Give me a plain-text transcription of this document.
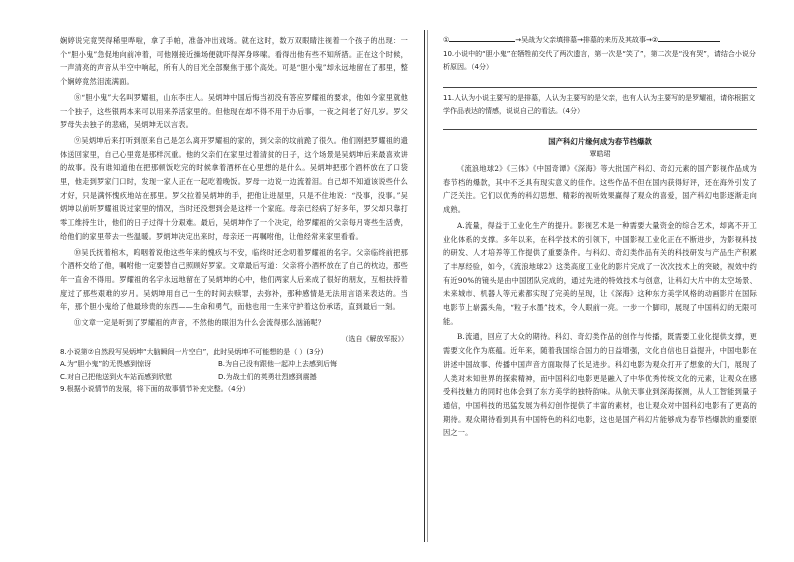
娴婷说完竟哭得稀里哗啦，拿了手帕，准备冲出戏场。就在这时，数万双眼睛注视着一个孩子的出现：一个“胆小鬼”急促地向前冲着，可他刚接近操场便就吓得浑身哆嗦。看得出他有些不知所措。正在这个时候，一声清亮的声音从半空中响起，所有人的目光全部聚焦于那个高处。可是“胆小鬼”却永远地留在了那里，整个娴婷竟然泪流满面。

⑧“胆小鬼”大名叫罗耀祖，山东李庄人。吴炳坤中国后悔当初没有答应罗耀祖的要求，他如今家里就他一个独子，这些银两本来可以用来养活家里的。但他现在却不得不用于办后事，一夜之间老了好几岁。罗父罗母失去独子的悲痛，吴炳坤无以言表。

⑨吴炳坤后来打听到原来自己是怎么离开罗耀祖的家的，到父亲的坟前跪了很久。他们刚把罗耀祖的遗体送回家里，自己心里竟是那样沉重。他的父亲们在家里过着清贫的日子，这个场景是吴炳坤后来最喜欢讲的故事。没有谁知道他在把那顿饭吃完的时候拿着酒杯在心里想的是什么。吴炳坤把那个酒杯放在了口袋里，他走到罗家门口时，发现一家人正在一起吃着晚饭。罗母一边说一边流着泪。自己却不知道该说些什么才好，只是满怀愧疚地站在那里。罗父拉着吴炳坤的手，把他让进屋里，只是不住地说：“没事，没事。”吴炳坤以前听罗耀祖说过家里的情况，当时还没想到会是这样一个家庭。母亲已经病了好多年，罗父却只靠打零工维持生计，他们的日子过得十分艰难。最后，吴炳坤作了一个决定，给罗耀祖的父亲每月寄些生活费，给他们的家里带去一些温暖。罗炳坤决定出来时，母亲还一再嘱咐他，让他经常来家里看看。

⑩吴氏抚着棺木，呜咽着说他这些年来的愧疚与不安，临终时还念叨着罗耀祖的名字。父亲临终前把那个酒杯交给了他，嘱咐他一定要替自己照顾好罗家。文章最后写道：父亲将小酒杯放在了自己的枕边，那些年一直舍不得用。罗耀祖的名字永远地留在了吴炳坤的心中，他们两家人后来成了很好的朋友，互相扶持着度过了那些艰难的岁月。吴炳坤用自己一生的时间去赎罪，去弥补，那种感情是无法用言语来表达的。当年，那个胆小鬼给了他最珍贵的东西——生命和勇气，而他也用一生来守护着这份承诺，直到最后一刻。

⑪文章一定是听到了罗耀祖的声音，不然他的眼泪为什么会流得那么汹涌呢？

（选自《解放军报》）

8.小说第⑦自然段写吴炳坤“大脑瞬间一片空白”，此时吴炳坤不可能想的是（ ）(3分)

A.为“胆小鬼”的无畏感到惊讶	B.为自己没有跟他一起冲上去感到后悔
C.对自己把他送到火车站而感到欣慰	D.为战士们的英勇壮烈感到震撼

9.根据小说情节的发展，将下面的故事情节补充完整。（4分）

①	→吴战为父亲填排墓→排墓的来历及其故事→②

10.小说中的“胆小鬼”在牺牲前交代了两次遗言，第一次是“笑了”，第二次是“没有哭”，请结合小说分析原因。（4分）

11.人认为小说主要写的是排墓，人认为主要写的是父亲，也有人认为主要写的是罗耀祖，请你根据文学作品表达的情感，说说自己的看法。（4分）

国产科幻片缘何成为春节档爆款

覃皓珺

《流浪地球2》《三体》《中国奇谭》《深海》等大批国产科幻、奇幻元素的国产影视作品成为春节档的爆款，其中不乏具有现实意义的佳作。这些作品不但在国内获得好评，还在海外引发了广泛关注。它们以优秀的科幻思想、精彩的视听效果赢得了观众的喜爱，国产科幻电影逐渐走向成熟。

A.流量，得益于工业化生产的提升。影视艺术是一种需要大量资金的综合艺术，却离不开工业化体系的支撑。多年以来，在科学技术的引领下，中国影视工业化正在不断进步，为影视科技的研发、人才培养等工作提供了重要条件。与科幻、奇幻类作品有关的科技研发与产品生产积累了丰厚经验，如今，《流浪地球2》这类高度工业化的影片完成了一次次技术上的突破，视效中约有近90%的镜头是由中国团队完成的，通过先进的特效技术与创意，让科幻大片中的太空场景、未来城市、机器人等元素都实现了完美的呈现，让《深海》这种东方美学风格的动画影片在国际电影节上崭露头角，“粒子水墨”技术，令人眼前一亮。一步一个脚印，展现了中国科幻的无限可能。

B.流通，回应了大众的期待。科幻、奇幻类作品的创作与传播，既需要工业化提供支撑，更需要文化作为底蕴。近年来，随着我国综合国力的日益增强，文化自信也日益提升，中国电影在讲述中国故事、传播中国声音方面取得了长足进步。科幻电影为观众打开了想象的大门，展现了人类对未知世界的探索精神，而中国科幻电影更是融入了中华优秀传统文化的元素，让观众在感受科技魅力的同时也体会到了东方美学的独特韵味。从航天事业到深海探测，从人工智能到量子通信，中国科技的迅猛发展为科幻创作提供了丰富的素材，也让观众对中国科幻电影有了更高的期待。观众期待看到具有中国特色的科幻电影，这也是国产科幻片能够成为春节档爆款的重要原因之一。
